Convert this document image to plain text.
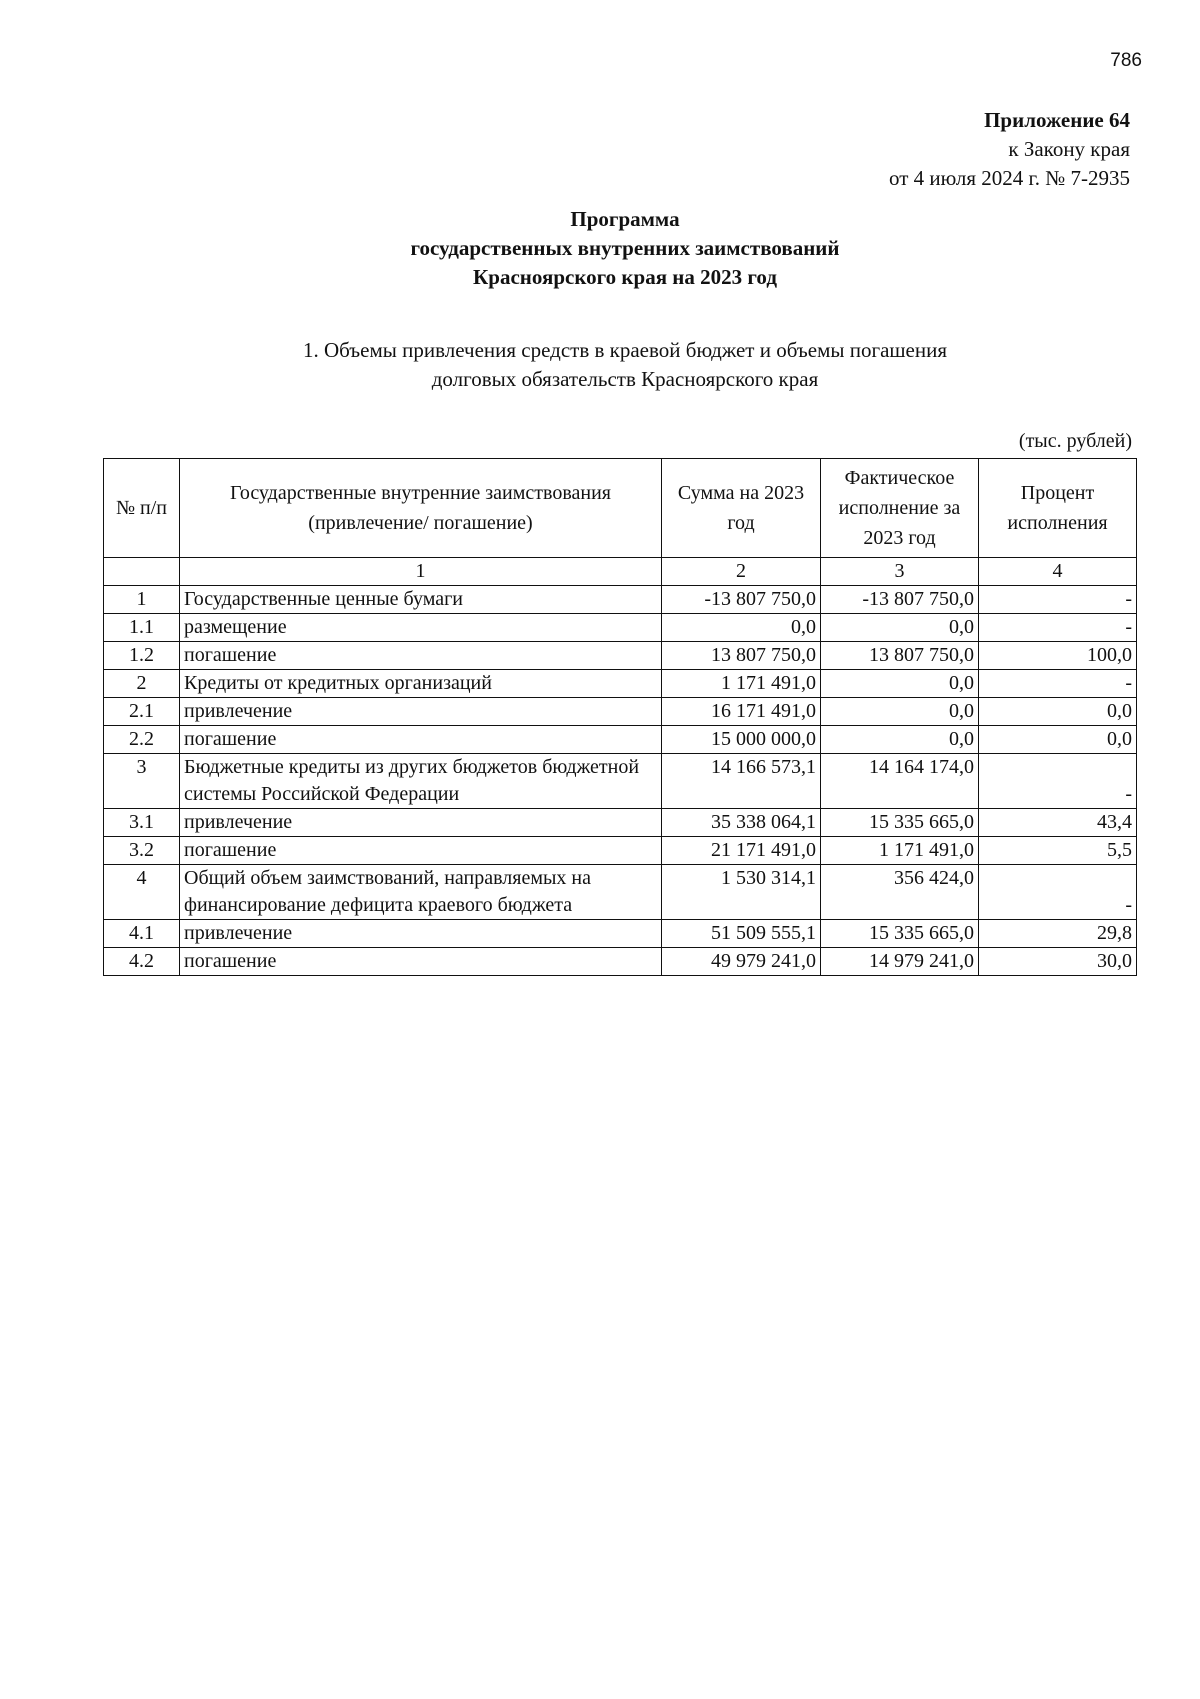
786
Приложение 64
к Закону края
от 4 июля 2024 г. № 7-2935
Программа
государственных внутренних заимствований
Красноярского края на 2023 год
1. Объемы привлечения средств в краевой бюджет и объемы погашения
долговых обязательств Красноярского края
(тыс. рублей)
№ п/п	Государственные внутренние заимствования (привлечение/ погашение)	Сумма на 2023 год	Фактическое исполнение за 2023 год	Процент исполнения
	1	2	3	4
1	Государственные ценные бумаги	-13 807 750,0	-13 807 750,0	-
1.1	размещение	0,0	0,0	-
1.2	погашение	13 807 750,0	13 807 750,0	100,0
2	Кредиты от кредитных организаций	1 171 491,0	0,0	-
2.1	привлечение	16 171 491,0	0,0	0,0
2.2	погашение	15 000 000,0	0,0	0,0
3	Бюджетные кредиты из других бюджетов бюджетной системы Российской Федерации	14 166 573,1	14 164 174,0	-
3.1	привлечение	35 338 064,1	15 335 665,0	43,4
3.2	погашение	21 171 491,0	1 171 491,0	5,5
4	Общий объем заимствований, направляемых на финансирование дефицита краевого бюджета	1 530 314,1	356 424,0	-
4.1	привлечение	51 509 555,1	15 335 665,0	29,8
4.2	погашение	49 979 241,0	14 979 241,0	30,0
